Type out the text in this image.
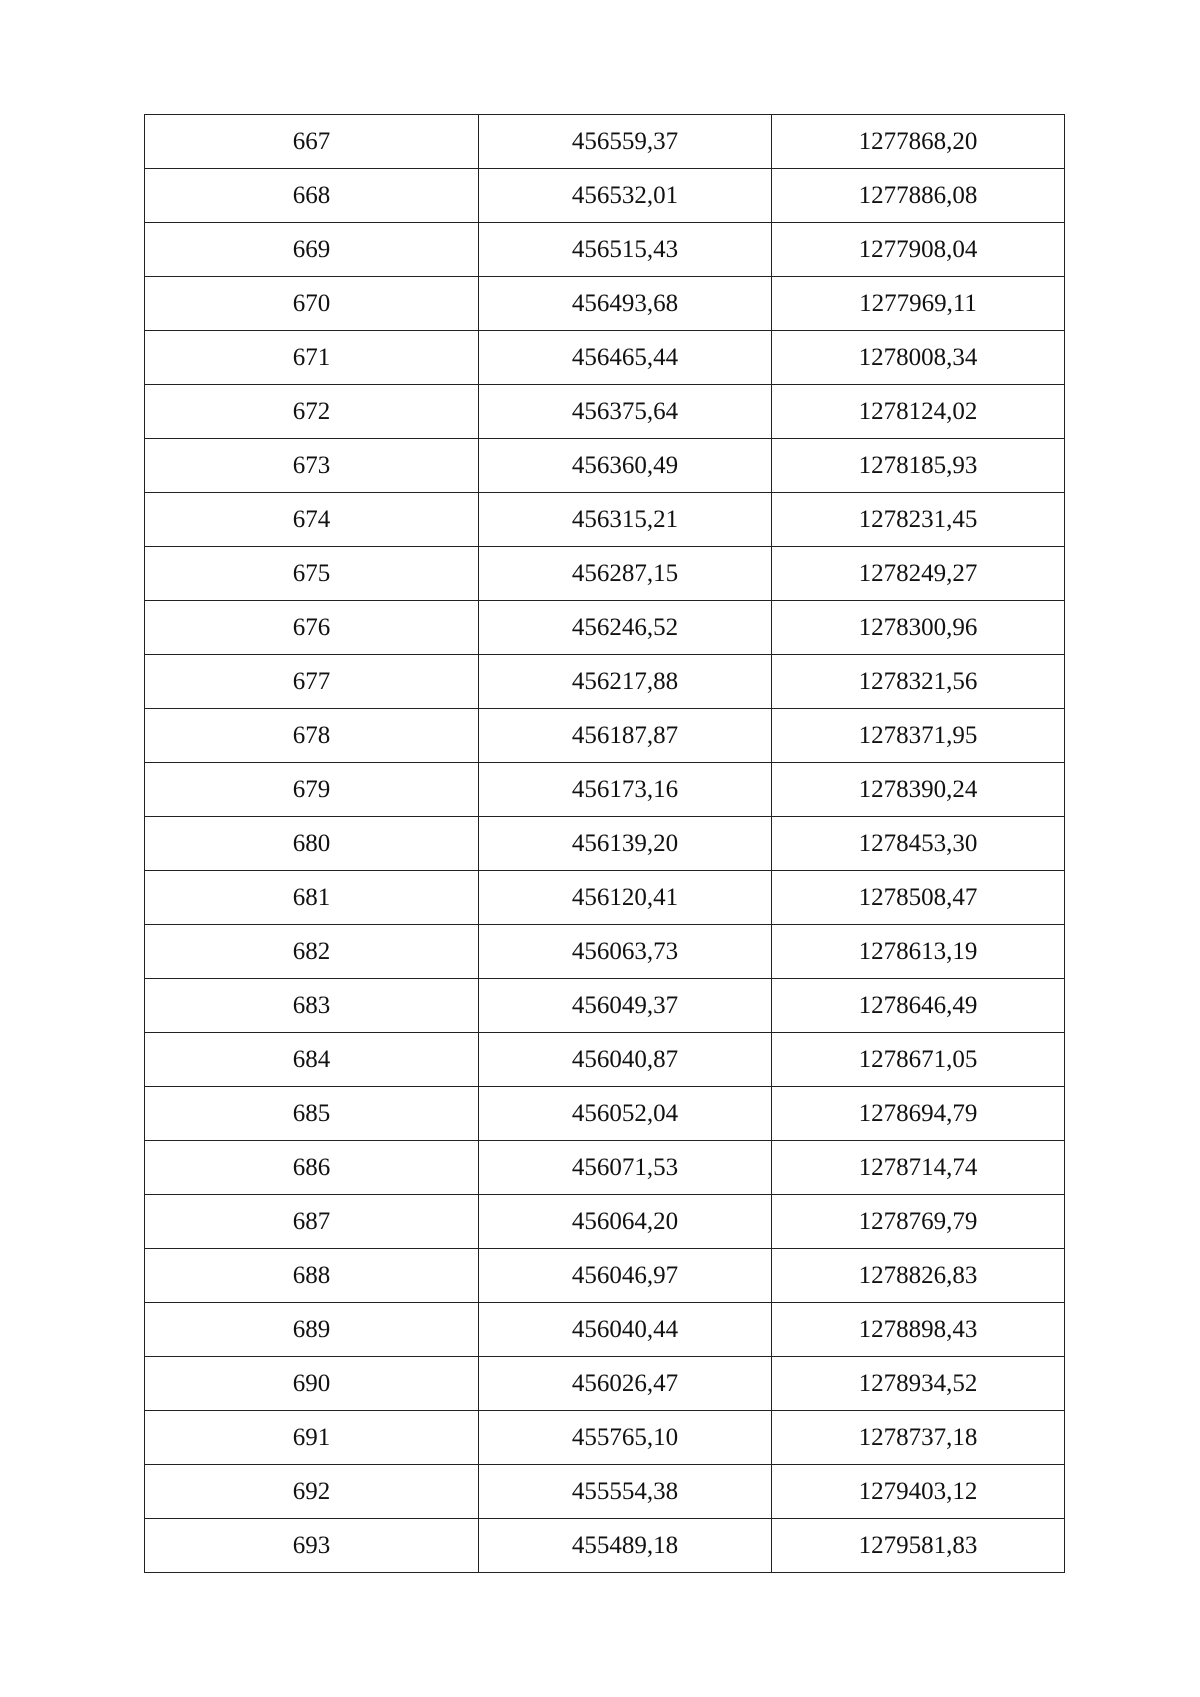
667	456559,37	1277868,20
668	456532,01	1277886,08
669	456515,43	1277908,04
670	456493,68	1277969,11
671	456465,44	1278008,34
672	456375,64	1278124,02
673	456360,49	1278185,93
674	456315,21	1278231,45
675	456287,15	1278249,27
676	456246,52	1278300,96
677	456217,88	1278321,56
678	456187,87	1278371,95
679	456173,16	1278390,24
680	456139,20	1278453,30
681	456120,41	1278508,47
682	456063,73	1278613,19
683	456049,37	1278646,49
684	456040,87	1278671,05
685	456052,04	1278694,79
686	456071,53	1278714,74
687	456064,20	1278769,79
688	456046,97	1278826,83
689	456040,44	1278898,43
690	456026,47	1278934,52
691	455765,10	1278737,18
692	455554,38	1279403,12
693	455489,18	1279581,83
